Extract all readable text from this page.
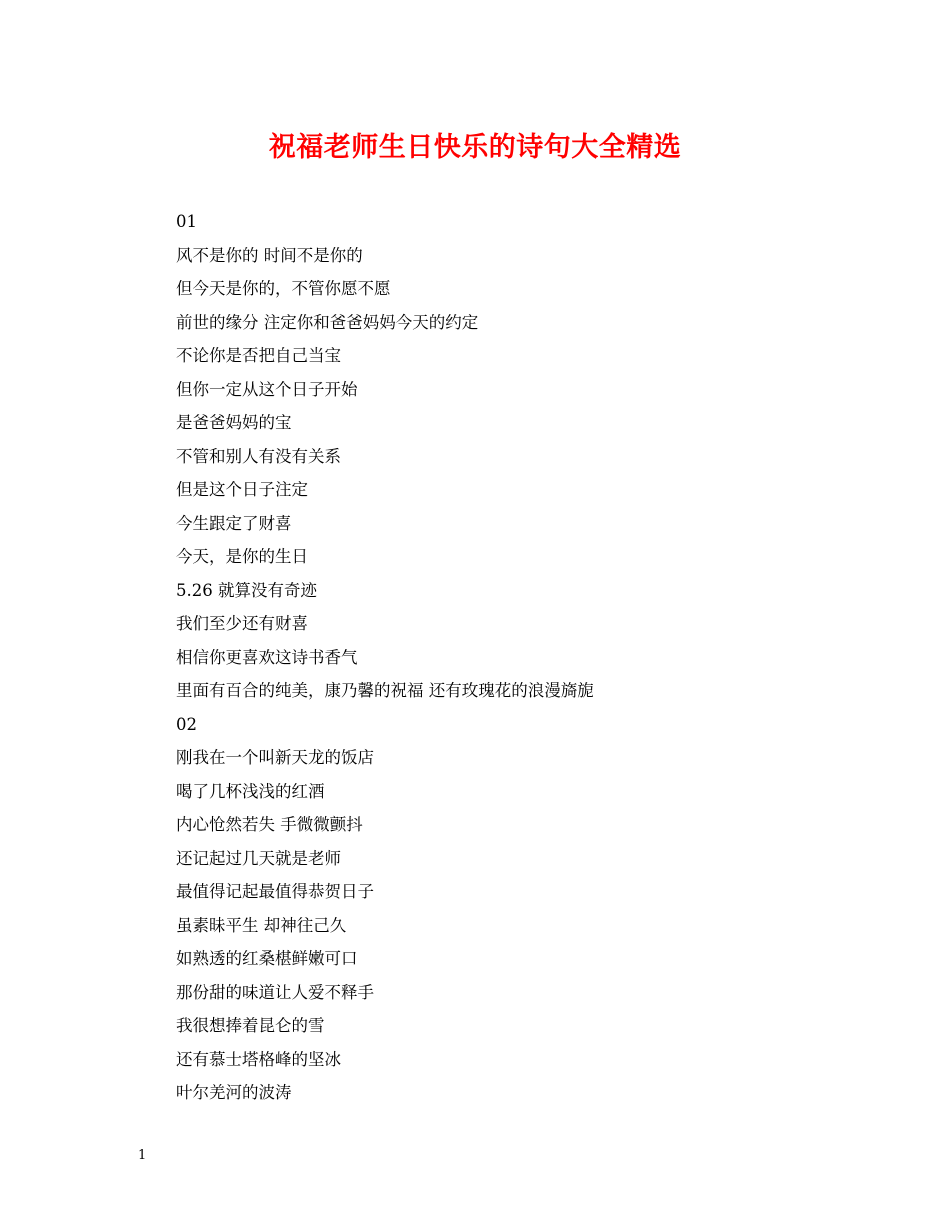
祝福老师生日快乐的诗句大全精选
01
风不是你的 时间不是你的
但今天是你的，不管你愿不愿
前世的缘分 注定你和爸爸妈妈今天的约定
不论你是否把自己当宝
但你一定从这个日子开始
是爸爸妈妈的宝
不管和别人有没有关系
但是这个日子注定
今生跟定了财喜
今天，是你的生日
5.26 就算没有奇迹
我们至少还有财喜
相信你更喜欢这诗书香气
里面有百合的纯美，康乃馨的祝福 还有玫瑰花的浪漫旖旎
02
刚我在一个叫新天龙的饭店
喝了几杯浅浅的红酒
内心怆然若失 手微微颤抖
还记起过几天就是老师
最值得记起最值得恭贺日子
虽素昧平生 却神往己久
如熟透的红桑椹鲜嫩可口
那份甜的味道让人爱不释手
我很想捧着昆仑的雪
还有慕士塔格峰的坚冰
叶尔羌河的波涛
1
